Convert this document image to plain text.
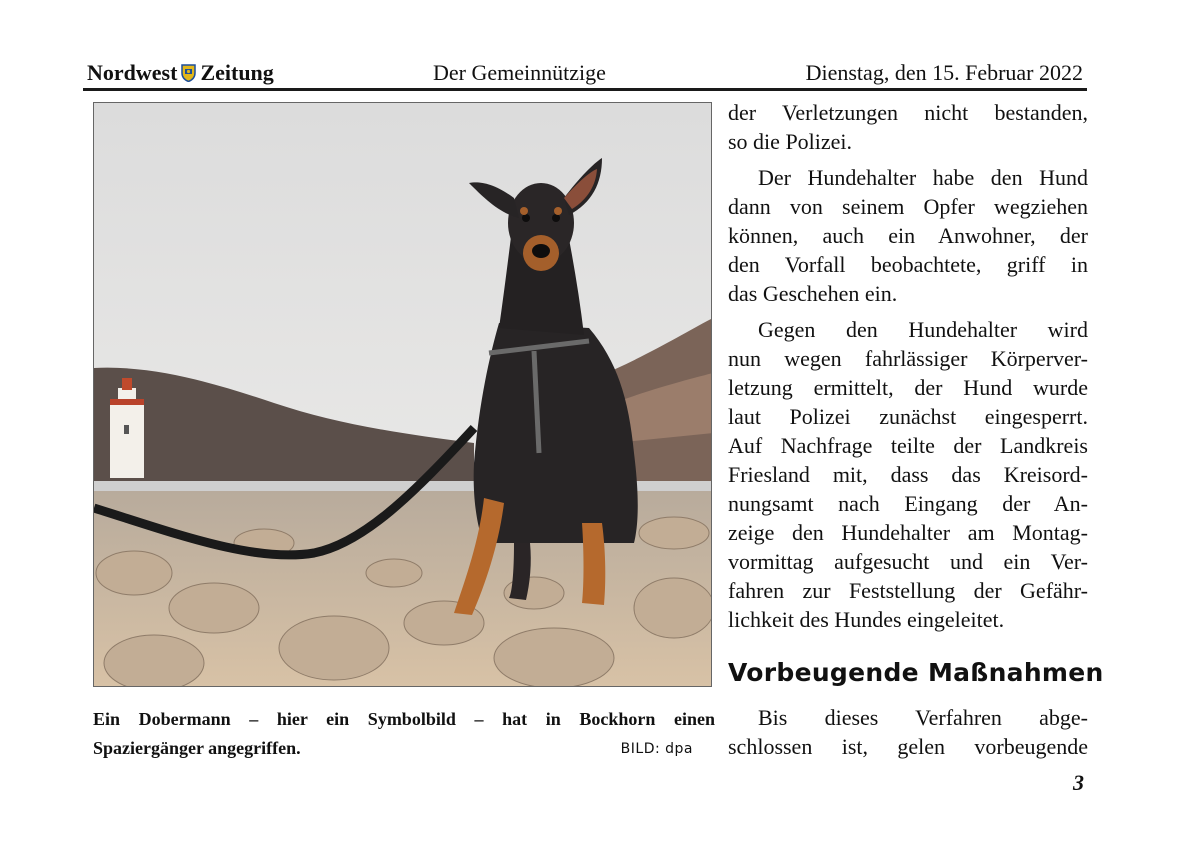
Nordwest Zeitung	Der Gemeinnützige	Dienstag, den 15. Februar 2022
Ein Dobermann – hier ein Symbolbild – hat in Bockhorn einen
Spaziergänger angegriffen.	BILD: dpa

der Verletzungen nicht bestanden,
so die Polizei.

Der Hundehalter habe den Hund
dann von seinem Opfer wegziehen
können, auch ein Anwohner, der
den Vorfall beobachtete, griff in
das Geschehen ein.

Gegen den Hundehalter wird
nun wegen fahrlässiger Körperver-
letzung ermittelt, der Hund wurde
laut Polizei zunächst eingesperrt.
Auf Nachfrage teilte der Landkreis
Friesland mit, dass das Kreisord-
nungsamt nach Eingang der An-
zeige den Hundehalter am Montag-
vormittag aufgesucht und ein Ver-
fahren zur Feststellung der Gefähr-
lichkeit des Hundes eingeleitet.

Vorbeugende Maßnahmen
Bis dieses Verfahren abge-
schlossen ist, gelen vorbeugende
3
